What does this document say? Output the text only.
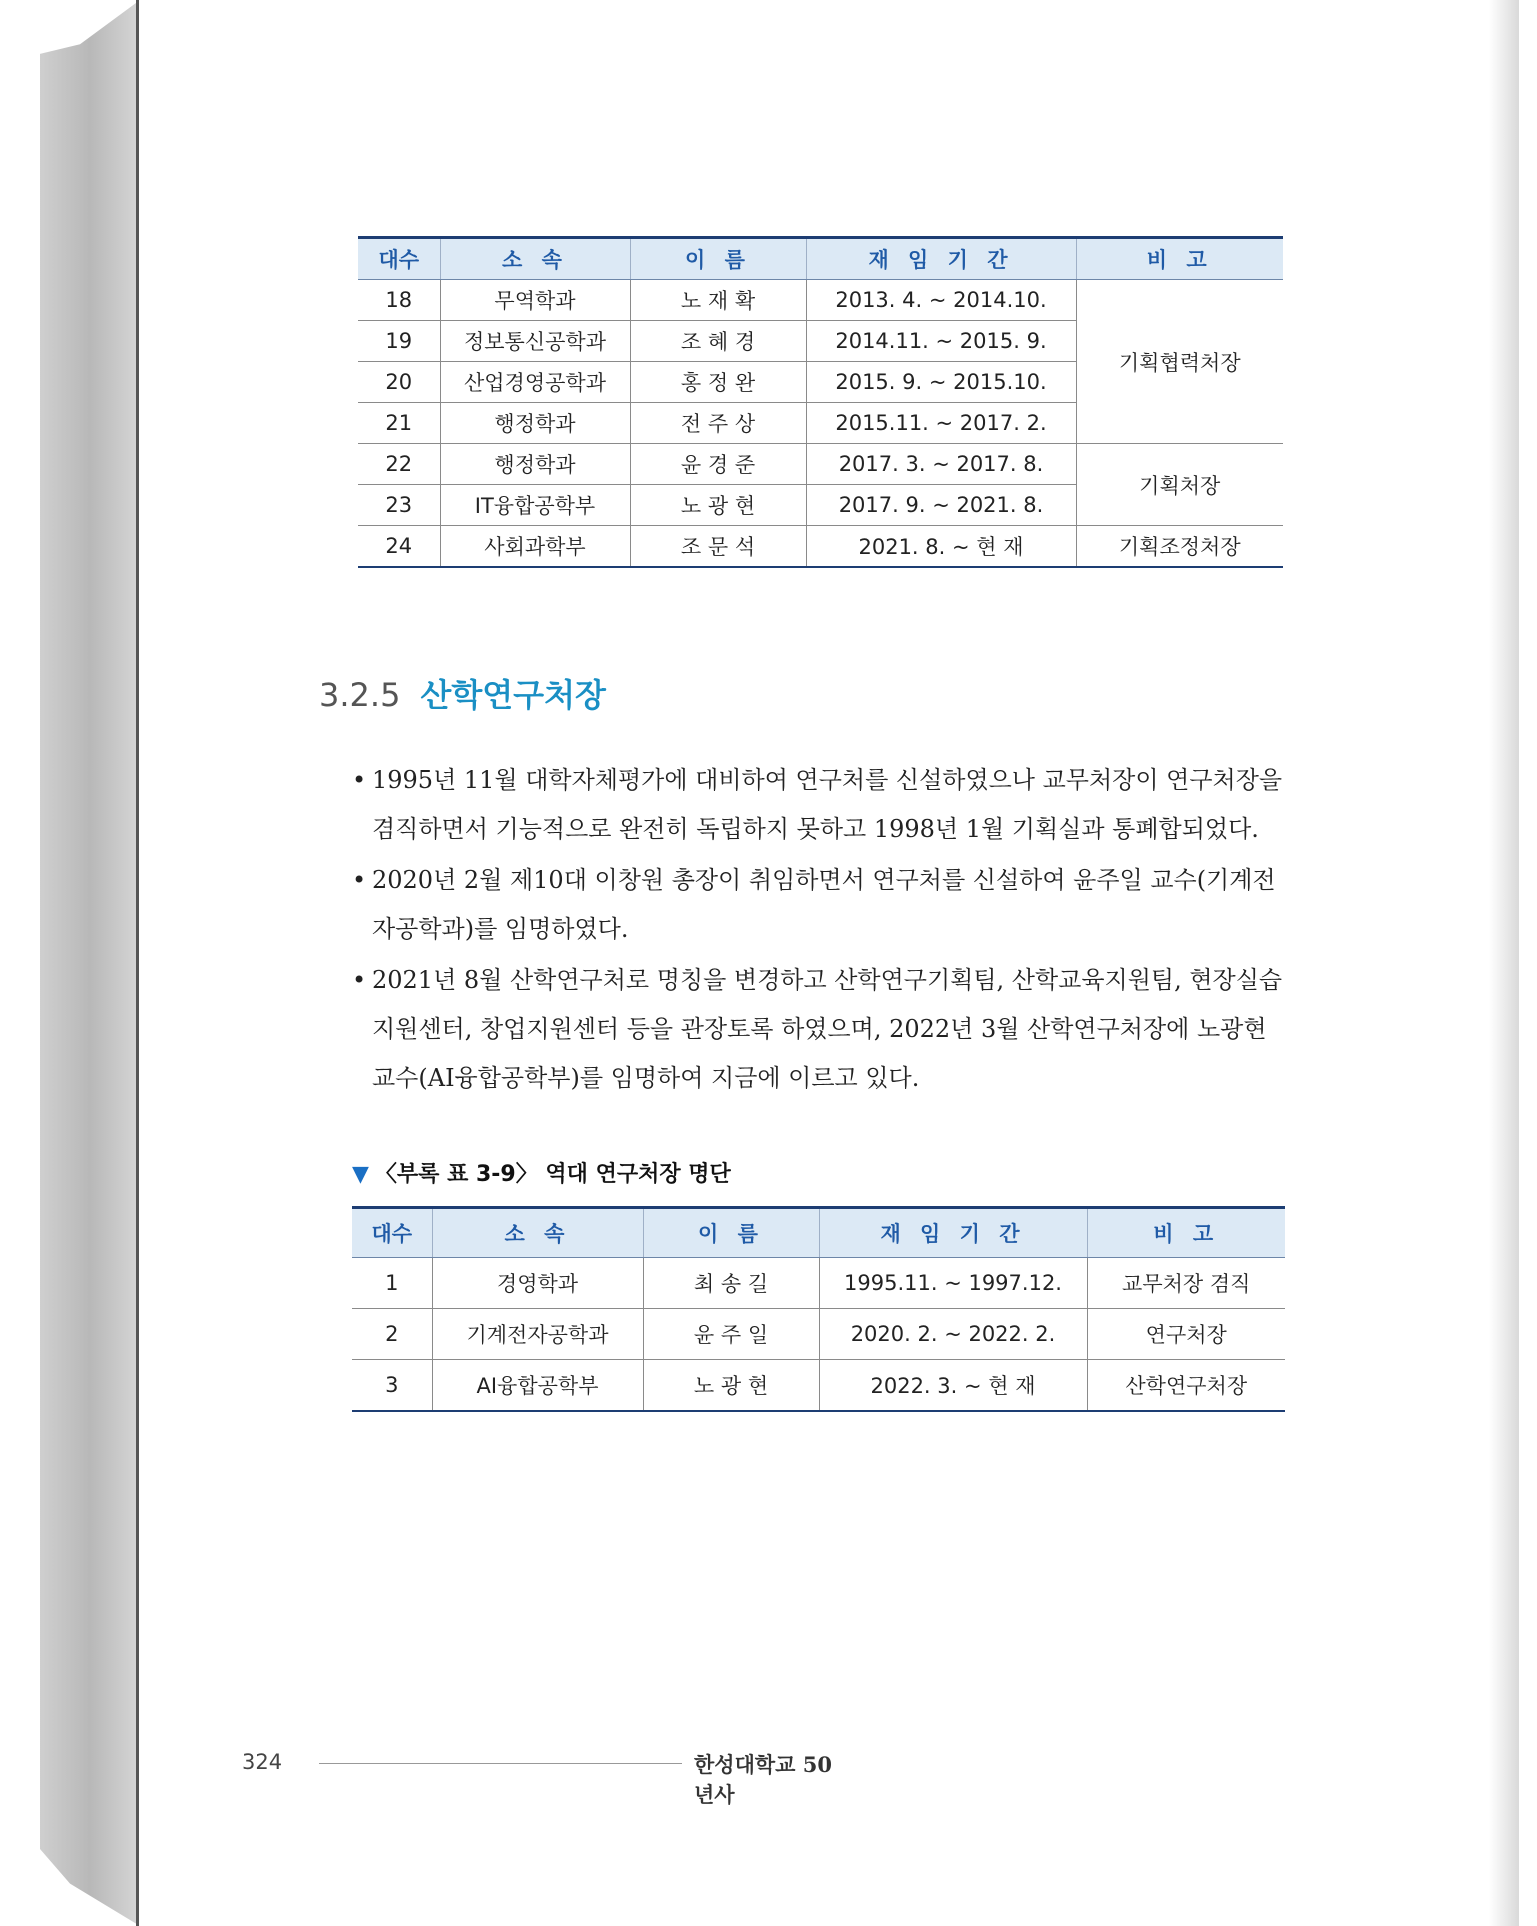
대수	소 속	이 름	재 임 기 간	비 고
18	무역학과	노 재 확	2013. 4. ~ 2014.10.	기획협력처장
19	정보통신공학과	조 혜 경	2014.11. ~ 2015. 9.	
20	산업경영공학과	홍 정 완	2015. 9. ~ 2015.10.	
21	행정학과	전 주 상	2015.11. ~ 2017. 2.	
22	행정학과	윤 경 준	2017. 3. ~ 2017. 8.	기획처장
23	IT융합공학부	노 광 현	2017. 9. ~ 2021. 8.	
24	사회과학부	조 문 석	2021. 8. ~ 현 재	기획조정처장
3.2.5 산학연구처장
• 1995년 11월 대학자체평가에 대비하여 연구처를 신설하였으나 교무처장이 연구처장을 겸직하면서 기능적으로 완전히 독립하지 못하고 1998년 1월 기획실과 통폐합되었다.
• 2020년 2월 제10대 이창원 총장이 취임하면서 연구처를 신설하여 윤주일 교수(기계전자공학과)를 임명하였다.
• 2021년 8월 산학연구처로 명칭을 변경하고 산학연구기획팀, 산학교육지원팀, 현장실습지원센터, 창업지원센터 등을 관장토록 하였으며, 2022년 3월 산학연구처장에 노광현 교수(AI융합공학부)를 임명하여 지금에 이르고 있다.
▼ 〈부록 표 3-9〉 역대 연구처장 명단
대수	소 속	이 름	재 임 기 간	비 고
1	경영학과	최 송 길	1995.11. ~ 1997.12.	교무처장 겸직
2	기계전자공학과	윤 주 일	2020. 2. ~ 2022. 2.	연구처장
3	AI융합공학부	노 광 현	2022. 3. ~ 현 재	산학연구처장
324	한성대학교 50년사
